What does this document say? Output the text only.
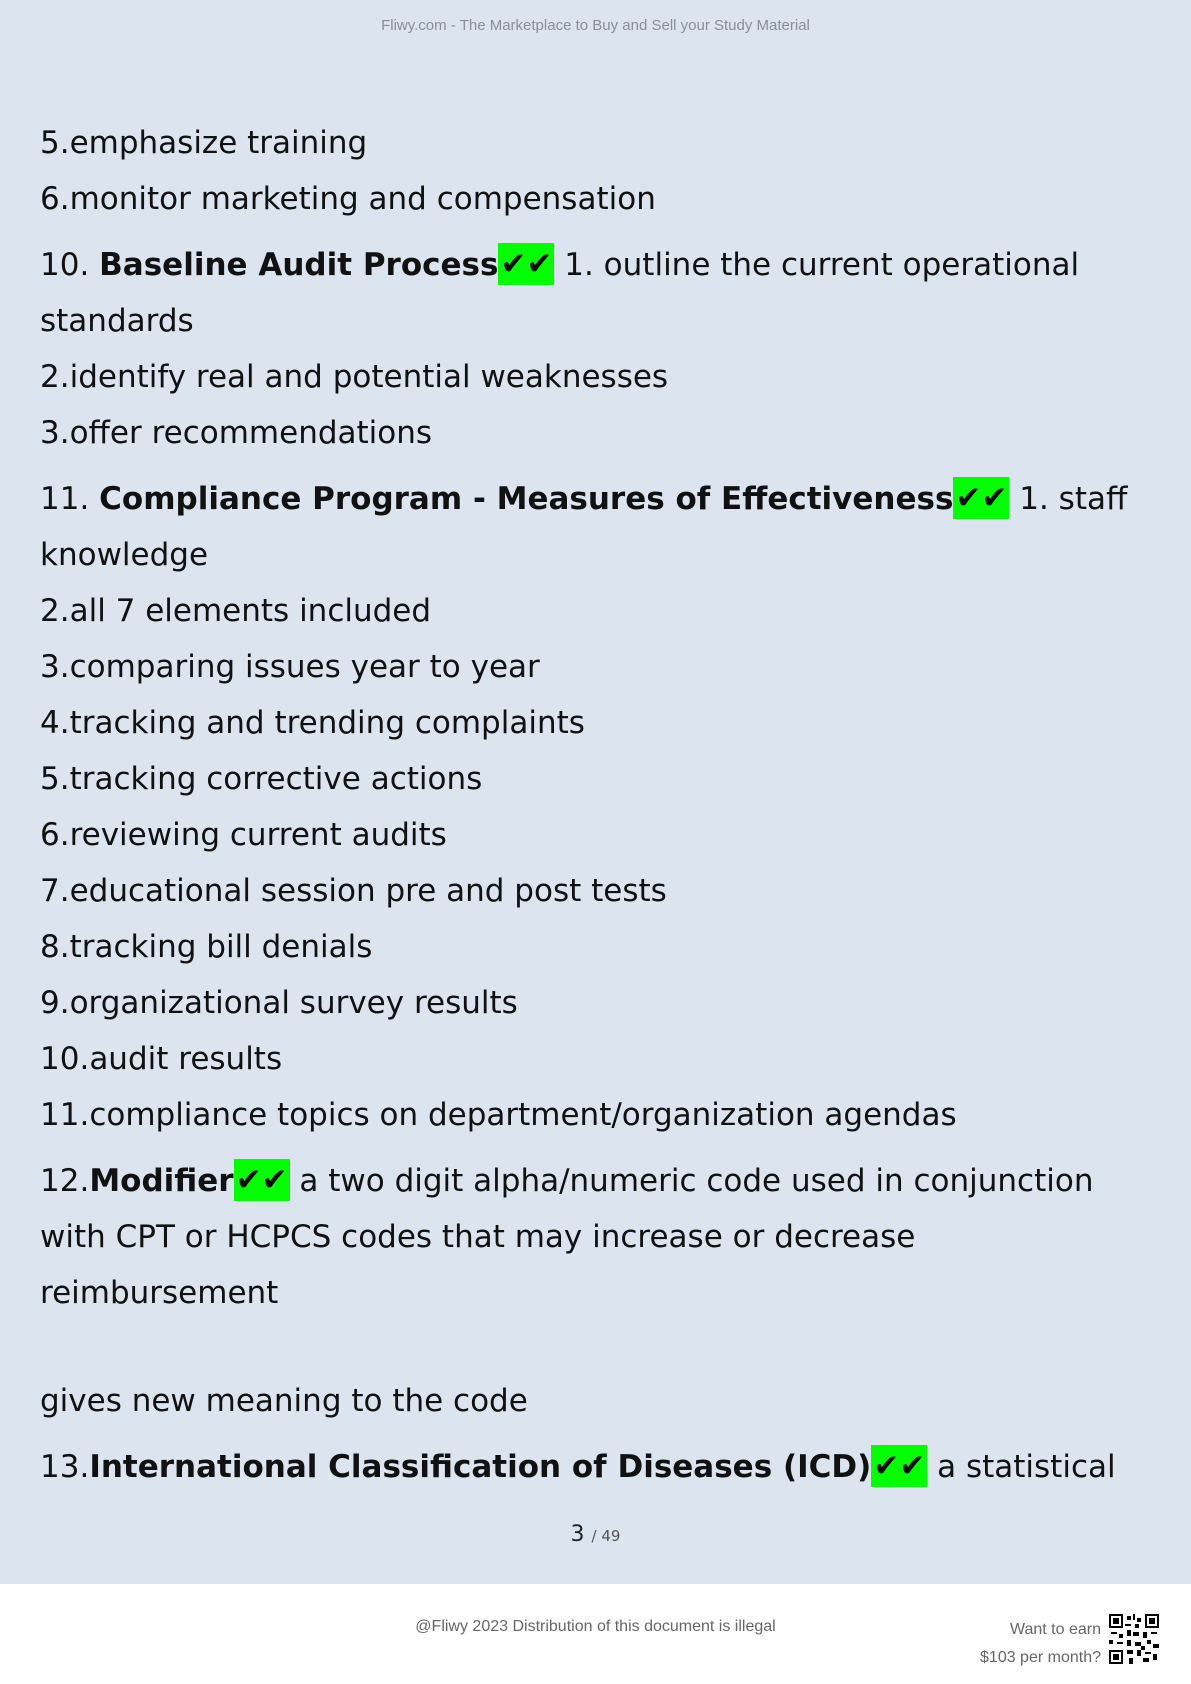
Fliwy.com - The Marketplace to Buy and Sell your Study Material
5.emphasize training
6.monitor marketing and compensation
10. Baseline Audit Process✔✔ 1. outline the current operational
standards
2.identify real and potential weaknesses
3.offer recommendations
11. Compliance Program - Measures of Effectiveness✔✔ 1. staff
knowledge
2.all 7 elements included
3.comparing issues year to year
4.tracking and trending complaints
5.tracking corrective actions
6.reviewing current audits
7.educational session pre and post tests
8.tracking bill denials
9.organizational survey results
10.audit results
11.compliance topics on department/organization agendas
12.Modifier✔✔ a two digit alpha/numeric code used in conjunction
with CPT or HCPCS codes that may increase or decrease
reimbursement
gives new meaning to the code
13.International Classification of Diseases (ICD)✔✔ a statistical
3 / 49
@Fliwy 2023 Distribution of this document is illegal	Want to earn
$103 per month?
